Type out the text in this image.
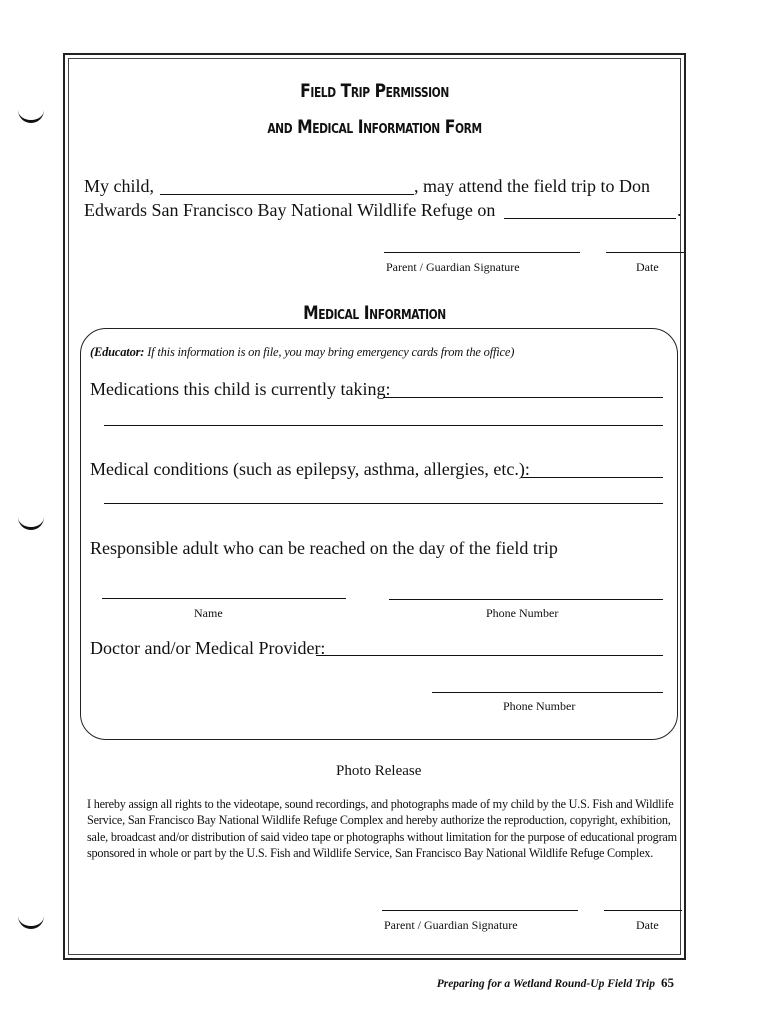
Field Trip Permission
and Medical Information Form
My child,	, may attend the field trip to Don
Edwards San Francisco Bay National Wildlife Refuge on	.
Parent / Guardian Signature	Date
Medical Information
(Educator: If this information is on file, you may bring emergency cards from the office)
Medications this child is currently taking:
Medical conditions (such as epilepsy, asthma, allergies, etc.):
Responsible adult who can be reached on the day of the field trip
Name	Phone Number
Doctor and/or Medical Provider:
Phone Number
Photo Release
I hereby assign all rights to the videotape, sound recordings, and photographs made of my child by the U.S. Fish and Wildlife Service, San Francisco Bay National Wildlife Refuge Complex and hereby authorize the reproduction, copyright, exhibition, sale, broadcast and/or distribution of said video tape or photographs without limitation for the purpose of educational program sponsored in whole or part by the U.S. Fish and Wildlife Service, San Francisco Bay National Wildlife Refuge Complex.
Parent / Guardian Signature	Date
Preparing for a Wetland Round-Up Field Trip 65
